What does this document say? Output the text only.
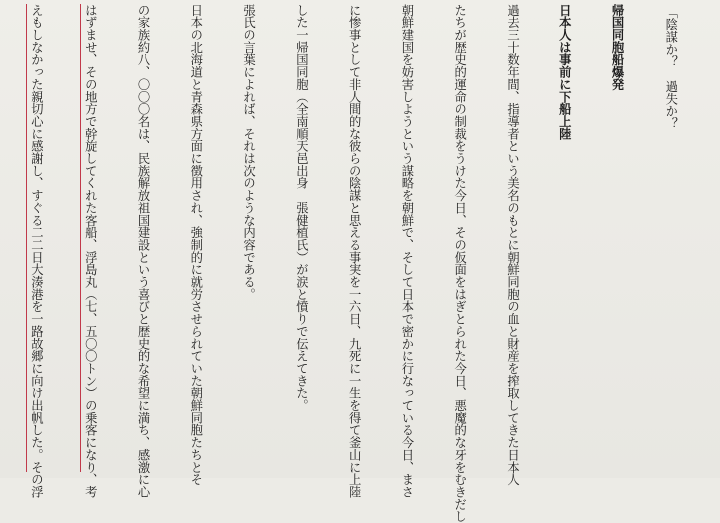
「陰謀か？　過失か？

帰国同胞船爆発

日本人は事前に下船上陸

過去三十数年間、指導者という美名のもとに朝鮮同胞の血と財産を搾取してきた日本人

たちが歴史的運命の制裁をうけた今日、その仮面をはぎとられた今日、悪魔的な牙をむきだし

朝鮮建国を妨害しようという謀略を朝鮮で、そして日本で密かに行なっている今日、まさ

に惨事として非人間的な彼らの陰謀と思える事実を一六日、九死に一生を得て釜山に上陸

した一帰国同胞（全南順天邑出身　張健植氏）が涙と憤りで伝えてきた。

張氏の言葉によれば、それは次のような内容である。

日本の北海道と青森県方面に徴用され、強制的に就労させられていた朝鮮同胞たちとそ

の家族約八、〇〇〇名は、民族解放祖国建設という喜びと歴史的な希望に満ち、感激に心

はずませ、その地方で幹旋してくれた客船、浮島丸（七、五〇〇トン）の乗客になり、考

えもしなかった親切心に感謝し、すぐる二二日大湊港を一路故郷に向け出帆した。その浮
